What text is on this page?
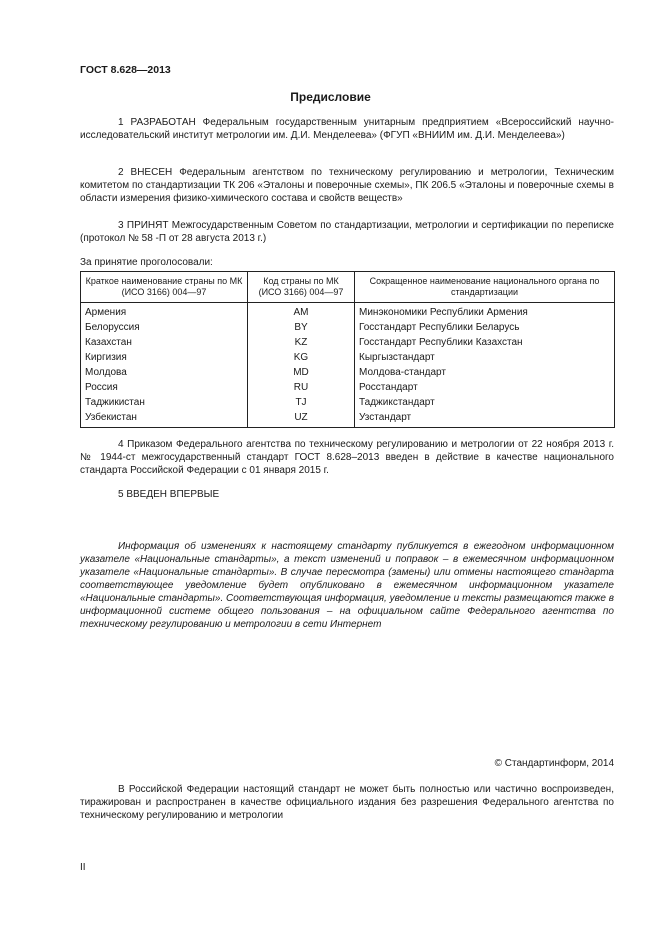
ГОСТ 8.628—2013
Предисловие

1 РАЗРАБОТАН Федеральным государственным унитарным предприятием «Всероссийский научно-исследовательский институт метрологии им. Д.И. Менделеева» (ФГУП «ВНИИМ им. Д.И. Менделеева»)

2 ВНЕСЕН Федеральным агентством по техническому регулированию и метрологии, Техническим комитетом по стандартизации ТК 206 «Эталоны и поверочные схемы», ПК 206.5 «Эталоны и поверочные схемы в области измерения физико-химического состава и свойств веществ»

3 ПРИНЯТ Межгосударственным Советом по стандартизации, метрологии и сертификации по переписке (протокол № 58 -П от 28 августа 2013 г.)

За принятие проголосовали:

Краткое наименование страны по МК (ИСО 3166) 004—97	Код страны по МК (ИСО 3166) 004—97	Сокращенное наименование национального органа по стандартизации
Армения	AM	Минэкономики Республики Армения
Белоруссия	BY	Госстандарт Республики Беларусь
Казахстан	KZ	Госстандарт Республики Казахстан
Киргизия	KG	Кыргызстандарт
Молдова	MD	Молдова-стандарт
Россия	RU	Росстандарт
Таджикистан	TJ	Таджикстандарт
Узбекистан	UZ	Узстандарт

4 Приказом Федерального агентства по техническому регулированию и метрологии от 22 ноября 2013 г. № 1944-ст межгосударственный стандарт ГОСТ 8.628–2013 введен в действие в качестве национального стандарта Российской Федерации с 01 января 2015 г.

5 ВВЕДЕН ВПЕРВЫЕ

Информация об изменениях к настоящему стандарту публикуется в ежегодном информационном указателе «Национальные стандарты», а текст изменений и поправок – в ежемесячном информационном указателе «Национальные стандарты». В случае пересмотра (замены) или отмены настоящего стандарта соответствующее уведомление будет опубликовано в ежемесячном информационном указателе «Национальные стандарты». Соответствующая информация, уведомление и тексты размещаются также в информационной системе общего пользования – на официальном сайте Федерального агентства по техническому регулированию и метрологии в сети Интернет

© Стандартинформ, 2014

В Российской Федерации настоящий стандарт не может быть полностью или частично воспроизведен, тиражирован и распространен в качестве официального издания без разрешения Федерального агентства по техническому регулированию и метрологии

II
